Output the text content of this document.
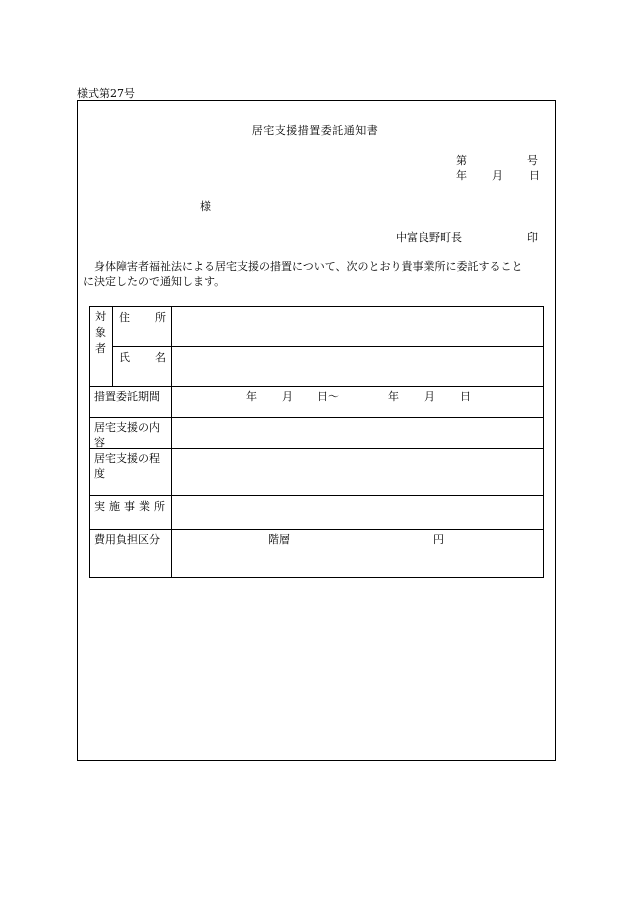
様式第27号
居宅支援措置委託通知書
第	号
年 月 日
様
中富良野町長	印
身体障害者福祉法による居宅支援の措置について、次のとおり貴事業所に委託すること
に決定したので通知します。
対
象
者
住 所
氏 名
措置委託期間	年 月 日～	年 月 日
居宅支援の内
容
居宅支援の程
度
実施事業所
費用負担区分	階層	円
